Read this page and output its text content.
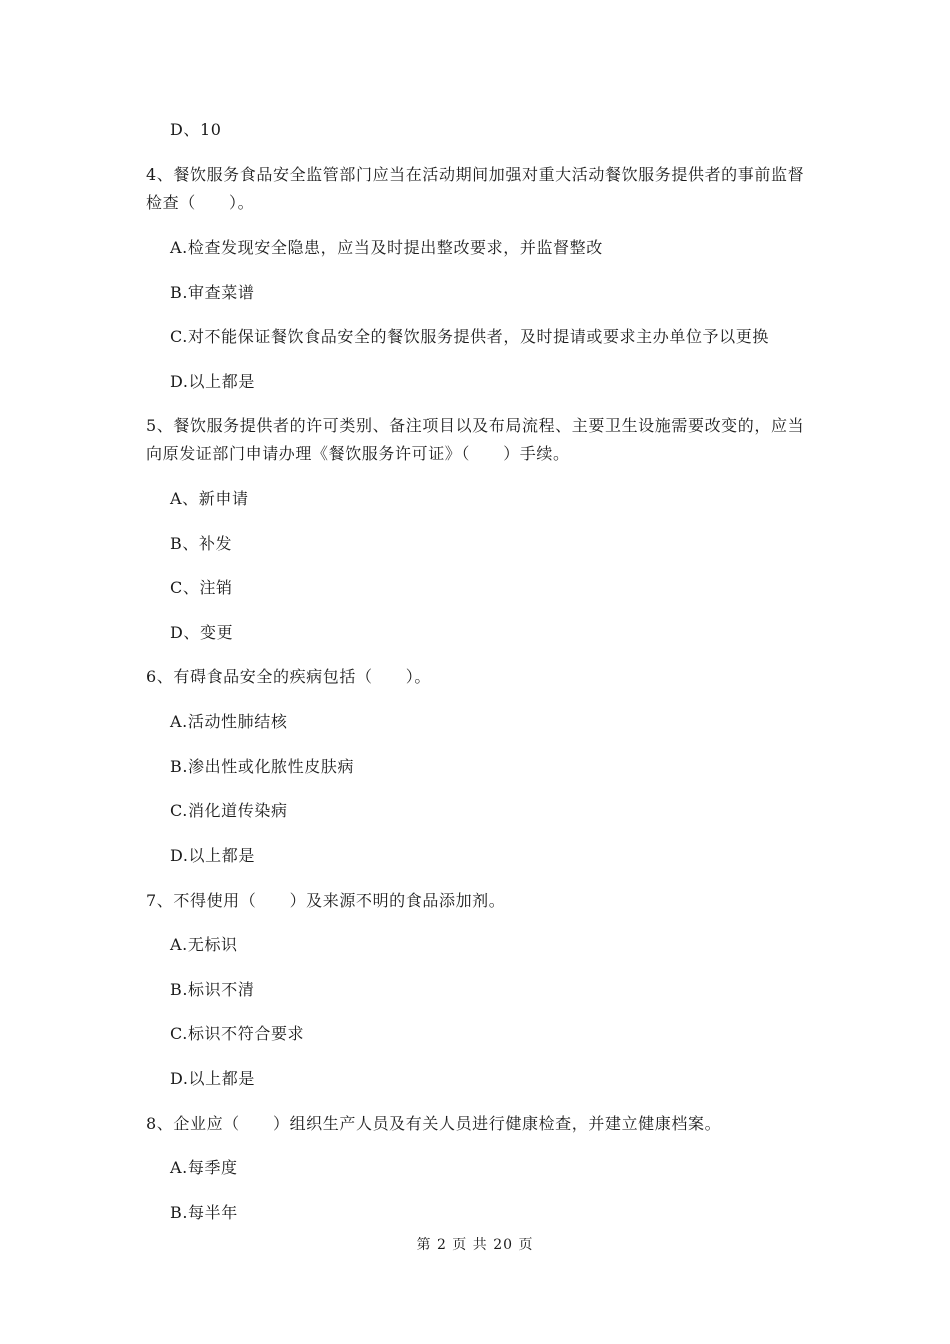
D、10
4、餐饮服务食品安全监管部门应当在活动期间加强对重大活动餐饮服务提供者的事前监督
检查（　　）。
A.检查发现安全隐患，应当及时提出整改要求，并监督整改
B.审查菜谱
C.对不能保证餐饮食品安全的餐饮服务提供者，及时提请或要求主办单位予以更换
D.以上都是
5、餐饮服务提供者的许可类别、备注项目以及布局流程、主要卫生设施需要改变的，应当
向原发证部门申请办理《餐饮服务许可证》（　　）手续。
A、新申请
B、补发
C、注销
D、变更
6、有碍食品安全的疾病包括（　　）。
A.活动性肺结核
B.渗出性或化脓性皮肤病
C.消化道传染病
D.以上都是
7、不得使用（　　）及来源不明的食品添加剂。
A.无标识
B.标识不清
C.标识不符合要求
D.以上都是
8、企业应（　　）组织生产人员及有关人员进行健康检查，并建立健康档案。
A.每季度
B.每半年
第 2 页 共 20 页
